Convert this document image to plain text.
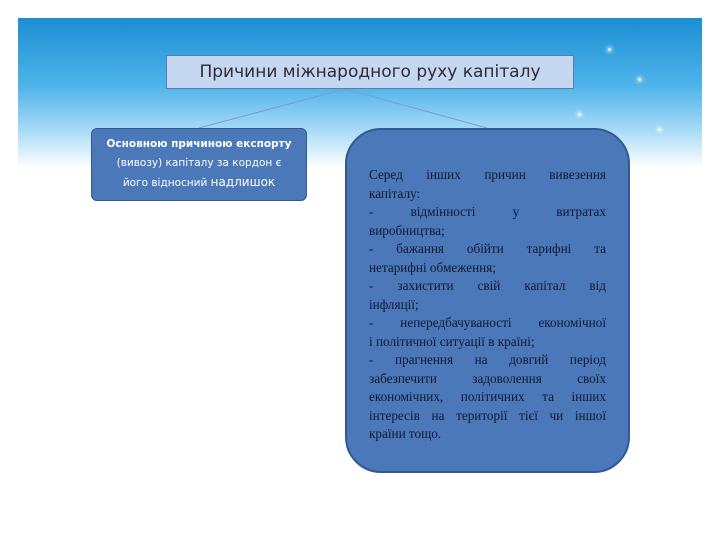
Причини міжнародного руху капіталу
Основною причиною експорту
(вивозу) капіталу за кордон є
його відносний надлишок	Серед інших причин вивезення

капіталу:

- відмінності у витратах

виробництва;

- бажання обійти тарифні та

нетарифні обмеження;

- захистити свій капітал від

інфляції;

- непередбачуваності економічної

і політичної ситуації в країні;

- прагнення на довгий період

забезпечити задоволення своїх

економічних, політичних та інших

інтересів на території тієї чи іншої

країни тощо.
